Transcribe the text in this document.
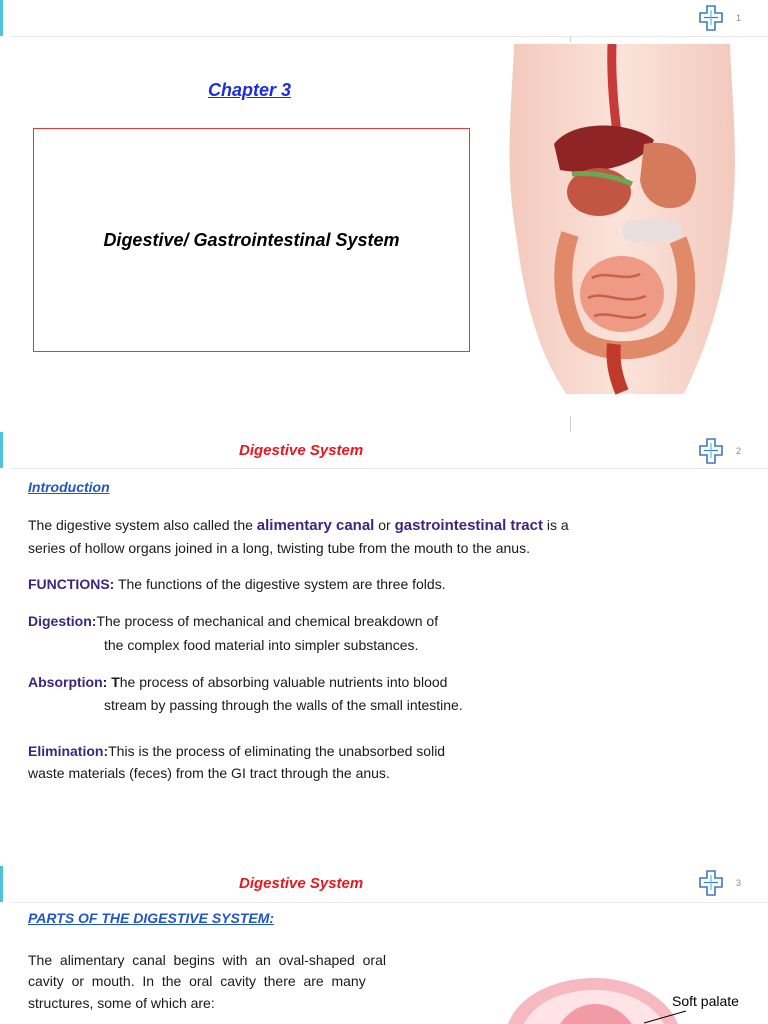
1
Chapter 3
Digestive/ Gastrointestinal System
Digestive System	2
Introduction
The digestive system also called the alimentary canal or gastrointestinal tract is a
series of hollow organs joined in a long, twisting tube from the mouth to the anus.
FUNCTIONS: The functions of the digestive system are three folds.
Digestion:The process of mechanical and chemical breakdown of
the complex food material into simpler substances.
Absorption: The process of absorbing valuable nutrients into blood
stream by passing through the walls of the small intestine.
Elimination:This is the process of eliminating the unabsorbed solid
waste materials (feces) from the GI tract through the anus.
Digestive System	3
PARTS OF THE DIGESTIVE SYSTEM:
The  alimentary  canal  begins  with  an  oval-shaped  oral
cavity  or  mouth.  In  the  oral  cavity  there  are  many
structures, some of which are:	Soft palate
